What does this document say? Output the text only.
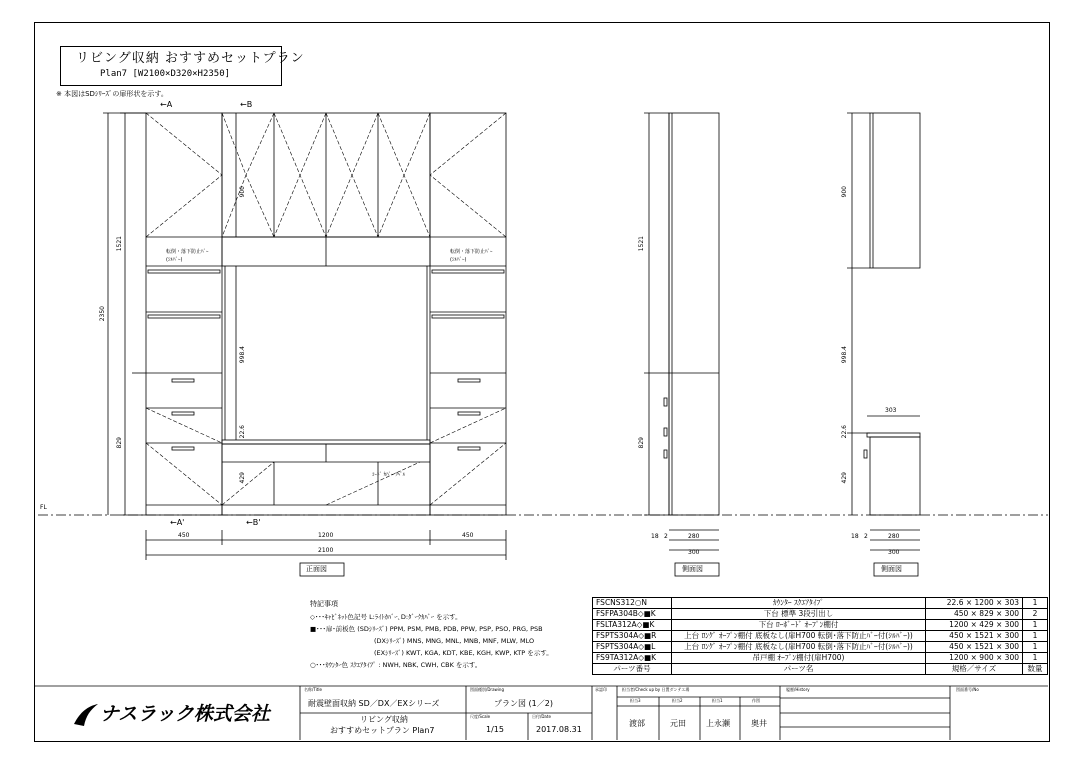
リビング収納 おすすめセットプラン
Plan7 [W2100×D320×H2350]
※ 本図はSDｼﾘｰｽﾞの扉形状を示す。
←A	←B
←A'	←B'
2350
1521
829
900
998.4
22.6
429
450	1200	450
2100
転倒・落下防止ﾊﾞｰ
(ｼﾙﾊﾞｰ)
転倒・落下防止ﾊﾞｰ
(ｼﾙﾊﾞｰ)
ｺｰﾄﾞ ｶﾊﾞｰ ﾗﾍﾞﾙ
FL
正面図
1521
829
18 2	280
300
側面図
900
998.4
303
22.6
429
18 2	280
300
側面図
特記事項
◇･･･ｷｬﾋﾞﾈｯﾄ色記号 L:ﾗｲﾄｶﾊﾞｰ､D:ﾀﾞｰｸｶﾊﾞｰ を示す。
■･･･扉･前板色 (SDｼﾘｰｽﾞ) PPM, PSM, PMB, PDB, PPW, PSP, PSO, PRG, PSB
(DXｼﾘｰｽﾞ) MNS, MNG, MNL, MNB, MNF, MLW, MLO
(EXｼﾘｰｽﾞ) KWT, KGA, KDT, KBE, KGH, KWP, KTP を示す。
○･･･ｶｳﾝﾀｰ色 ｽｸｴｱﾀｲﾌﾟ : NWH, NBK, CWH, CBK を示す。
FSCNS312○N	ｶｳﾝﾀｰ ｽｸｴｱﾀｲﾌﾟ	22.6 × 1200 × 303	1
FSFPA304B◇■K	下台 標準 3段引出し	450 × 829 × 300	2
FSLTA312A◇■K	下台 ﾛｰﾎﾞｰﾄﾞ ｵｰﾌﾟﾝ棚付	1200 × 429 × 300	1
FSPTS304A◇■R	上台 ﾛﾝｸﾞ ｵｰﾌﾟﾝ棚付 底板なし(扉H700 転倒･落下防止ﾊﾞｰ付(ｼﾙﾊﾞｰ))	450 × 1521 × 300	1
FSPTS304A◇■L	上台 ﾛﾝｸﾞ ｵｰﾌﾟﾝ棚付 底板なし(扉H700 転倒･落下防止ﾊﾞｰ付(ｼﾙﾊﾞｰ))	450 × 1521 × 300	1
FS9TA312A◇■K	吊戸棚 ｵｰﾌﾟﾝ棚付(扉H700)	1200 × 900 × 300	1
パーツ番号	パーツ名	規格／サイズ	数量
ナスラック株式会社
名称/Title
耐震壁面収納 SD／DX／EXシリーズ
リビング収納
おすすめセットプラン Plan7
図面種別/Drawing
プラン図 (1／2)
尺度/Scale
1/15
日付/Date
2017.08.31
承認印	担当者/Check up by 日置ダンテエ場	履歴/History	図面番号/No
担当3	担当2	担当1	作図
渡部	元田	上永瀬	奥井
